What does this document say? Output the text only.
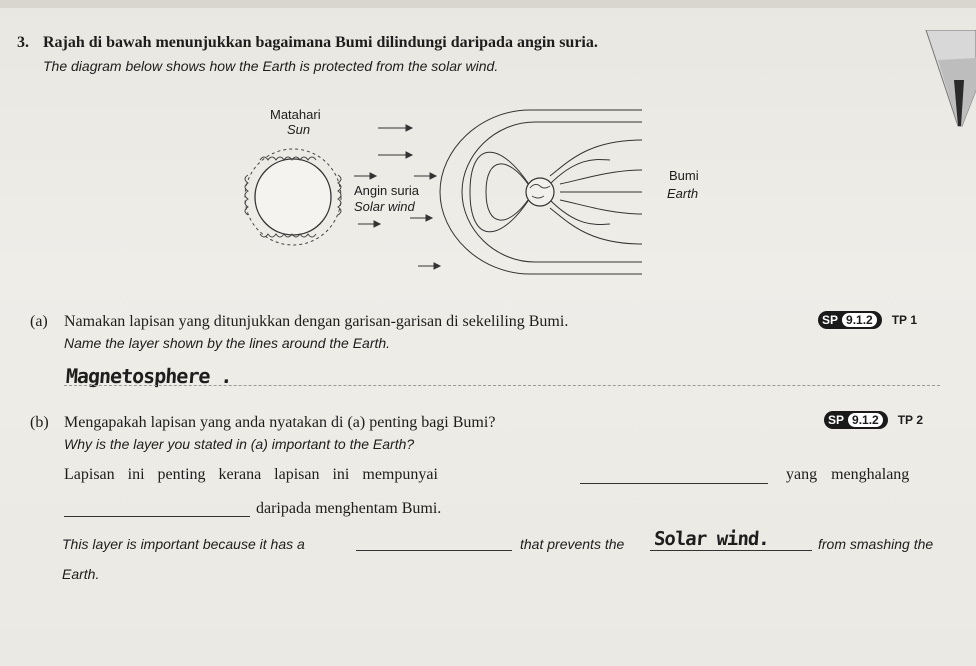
3. Rajah di bawah menunjukkan bagaimana Bumi dilindungi daripada angin suria.
The diagram below shows how the Earth is protected from the solar wind.
Matahari
Sun
Angin suria
Solar wind
Bumi
Earth
(a) Namakan lapisan yang ditunjukkan dengan garisan-garisan di sekeliling Bumi.
Name the layer shown by the lines around the Earth.
SP 9.1.2	TP 1
Magnetosphere .
(b) Mengapakah lapisan yang anda nyatakan di (a) penting bagi Bumi?
Why is the layer you stated in (a) important to the Earth?
SP 9.1.2	TP 2
Lapisan ini penting kerana lapisan ini mempunyai	yang menghalang
daripada menghentam Bumi.
This layer is important because it has a	that prevents the Solar wind.	from smashing the
Earth.
